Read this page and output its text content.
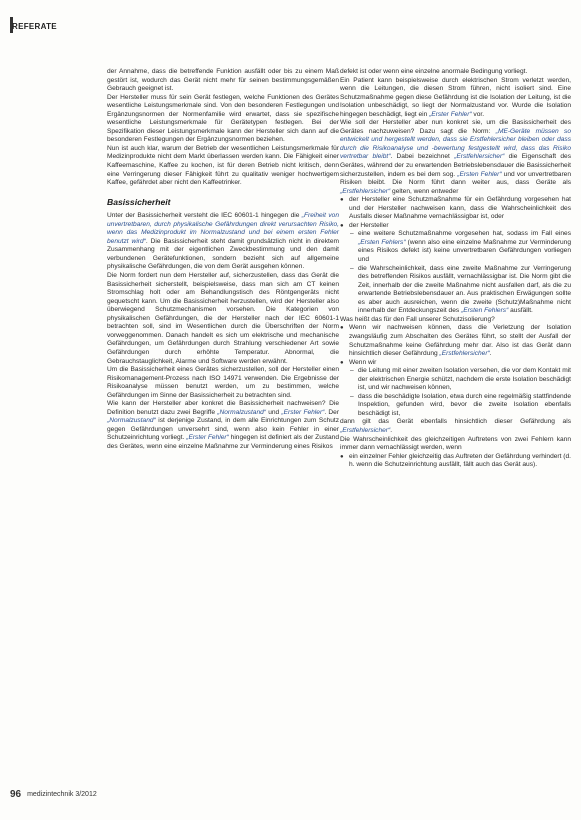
REFERATE

der Annahme, dass die betreffende Funktion ausfällt oder bis zu einem Maß gestört ist, wodurch das Gerät nicht mehr für seinen bestimmungsgemäßen Gebrauch geeignet ist.

Der Hersteller muss für sein Gerät festlegen, welche Funktionen des Gerätes wesentliche Leistungsmerkmale sind. Von den besonderen Festlegungen und Ergänzungsnormen der Normenfamilie wird erwartet, dass sie spezifische wesentliche Leistungsmerkmale für Gerätetypen festlegen. Bei der Spezifikation dieser Leistungsmerkmale kann der Hersteller sich dann auf die besonderen Festlegungen der Ergänzungsnormen beziehen.

Nun ist auch klar, warum der Betrieb der wesentlichen Leistungsmerkmale für Medizinprodukte nicht dem Markt überlassen werden kann. Die Fähigkeit einer Kaffeemaschine, Kaffee zu kochen, ist für deren Betrieb nicht kritisch, denn eine Verringerung dieser Fähigkeit führt zu qualitativ weniger hochwertigem Kaffee, gefährdet aber nicht den Kaffeetrinker.

Basissicherheit

Unter der Basissicherheit versteht die IEC 60601-1 hingegen die „Freiheit von unvertretbaren, durch physikalische Gefährdungen direkt verursachten Risiko, wenn das Medizinprodukt im Normalzustand und bei einem ersten Fehler benutzt wird“. Die Basissicherheit steht damit grundsätzlich nicht in direktem Zusammenhang mit der eigentlichen Zweckbestimmung und den damit verbundenen Gerätefunktionen, sondern bezieht sich auf allgemeine physikalische Gefährdungen, die von dem Gerät ausgehen können.

Die Norm fordert nun dem Hersteller auf, sicherzustellen, dass das Gerät die Basissicherheit sicherstellt, beispielsweise, dass man sich am CT keinen Stromschlag holt oder am Behandlungstisch des Röntgengeräts nicht gequetscht kann. Um die Basissicherheit herzustellen, wird der Hersteller also überwiegend Schutzmechanismen vorsehen. Die Kategorien von physikalischen Gefährdungen, die der Hersteller nach der IEC 60601-1 betrachten soll, sind im Wesentlichen durch die Überschriften der Norm vorweggenommen. Danach handelt es sich um elektrische und mechanische Gefährdungen, um Gefährdungen durch Strahlung verschiedener Art sowie Gefährdungen durch erhöhte Temperatur. Abnormal, die Gebrauchstauglichkeit, Alarme und Software werden erwähnt.

Um die Basissicherheit eines Gerätes sicherzustellen, soll der Hersteller einen Risikomanagement-Prozess nach ISO 14971 verwenden. Die Ergebnisse der Risikoanalyse müssen benutzt werden, um zu bestimmen, welche Gefährdungen im Sinne der Basissicherheit zu betrachten sind.

Wie kann der Hersteller aber konkret die Basissicherheit nachweisen? Die Definition benutzt dazu zwei Begriffe „Normalzustand“ und „Erster Fehler“. Der „Normalzustand“ ist derjenige Zustand, in dem alle Einrichtungen zum Schutz gegen Gefährdungen unversehrt sind, wenn also kein Fehler in einer Schutzeinrichtung vorliegt. „Erster Fehler“ hingegen ist definiert als der Zustand des Gerätes, wenn eine einzelne Maßnahme zur Verminderung eines Risikos

defekt ist oder wenn eine einzelne anormale Bedingung vorliegt.

Ein Patient kann beispielsweise durch elektrischen Strom verletzt werden, wenn die Leitungen, die diesen Strom führen, nicht isoliert sind. Eine Schutzmaßnahme gegen diese Gefährdung ist die Isolation der Leitung, ist die Isolation unbeschädigt, so liegt der Normalzustand vor. Wurde die Isolation hingegen beschädigt, liegt ein „Erster Fehler“ vor.

Wie soll der Hersteller aber nun konkret sie, um die Basissicherheit des Gerätes nachzuweisen? Dazu sagt die Norm: „ME-Geräte müssen so entwickelt und hergestellt werden, dass sie Erstfehlersicher bleiben oder dass durch die Risikoanalyse und -bewertung festgestellt wird, dass das Risiko vertretbar bleibt“. Dabei bezeichnet „Erstfehlersicher“ die Eigenschaft des Gerätes, während der zu erwartenden Betriebslebensdauer die Basissicherheit sicherzustellen, indem es bei dem sog. „Ersten Fehler“ und vor unvertretbaren Risiken bleibt. Die Norm führt dann weiter aus, dass Geräte als „Erstfehlersicher“ gelten, wenn entweder

● der Hersteller eine Schutzmaßnahme für ein Gefährdung vorgesehen hat und der Hersteller nachweisen kann, dass die Wahrscheinlichkeit des Ausfalls dieser Maßnahme vernachlässigbar ist, oder
● der Hersteller
– eine weitere Schutzmaßnahme vorgesehen hat, sodass im Fall eines „Ersten Fehlers“ (wenn also eine einzelne Maßnahme zur Verminderung eines Risikos defekt ist) keine unvertretbaren Gefährdungen vorliegen und
– die Wahrscheinlichkeit, dass eine zweite Maßnahme zur Verringerung des betreffenden Risikos ausfällt, vernachlässigbar ist. Die Norm gibt die Zeit, innerhalb der die zweite Maßnahme nicht ausfallen darf, als die zu erwartende Betriebslebensdauer an. Aus praktischen Erwägungen sollte es aber auch ausreichen, wenn die zweite (Schutz)Maßnahme nicht innerhalb der Entdeckungszeit des „Ersten Fehlers“ ausfällt.

Was heißt das für den Fall unserer Schutzisolierung?

● Wenn wir nachweisen können, dass die Verletzung der Isolation zwangsläufig zum Abschalten des Gerätes führt, so stellt der Ausfall der Schutzmaßnahme keine Gefährdung mehr dar. Also ist das Gerät dann hinsichtlich dieser Gefährdung „Erstfehlersicher“.
● Wenn wir
– die Leitung mit einer zweiten Isolation versehen, die vor dem Kontakt mit der elektrischen Energie schützt, nachdem die erste Isolation beschädigt ist, und wir nachweisen können,
– dass die beschädigte Isolation, etwa durch eine regelmäßig stattfindende Inspektion, gefunden wird, bevor die zweite Isolation ebenfalls beschädigt ist,

dann gilt das Gerät ebenfalls hinsichtlich dieser Gefährdung als „Erstfehlersicher“.

Die Wahrscheinlichkeit des gleichzeitigen Auftretens von zwei Fehlern kann immer dann vernachlässigt werden, wenn

● ein einzelner Fehler gleichzeitig das Auftreten der Gefährdung verhindert (d. h. wenn die Schutzeinrichtung ausfällt, fällt auch das Gerät aus).
96 medizintechnik 3/2012
